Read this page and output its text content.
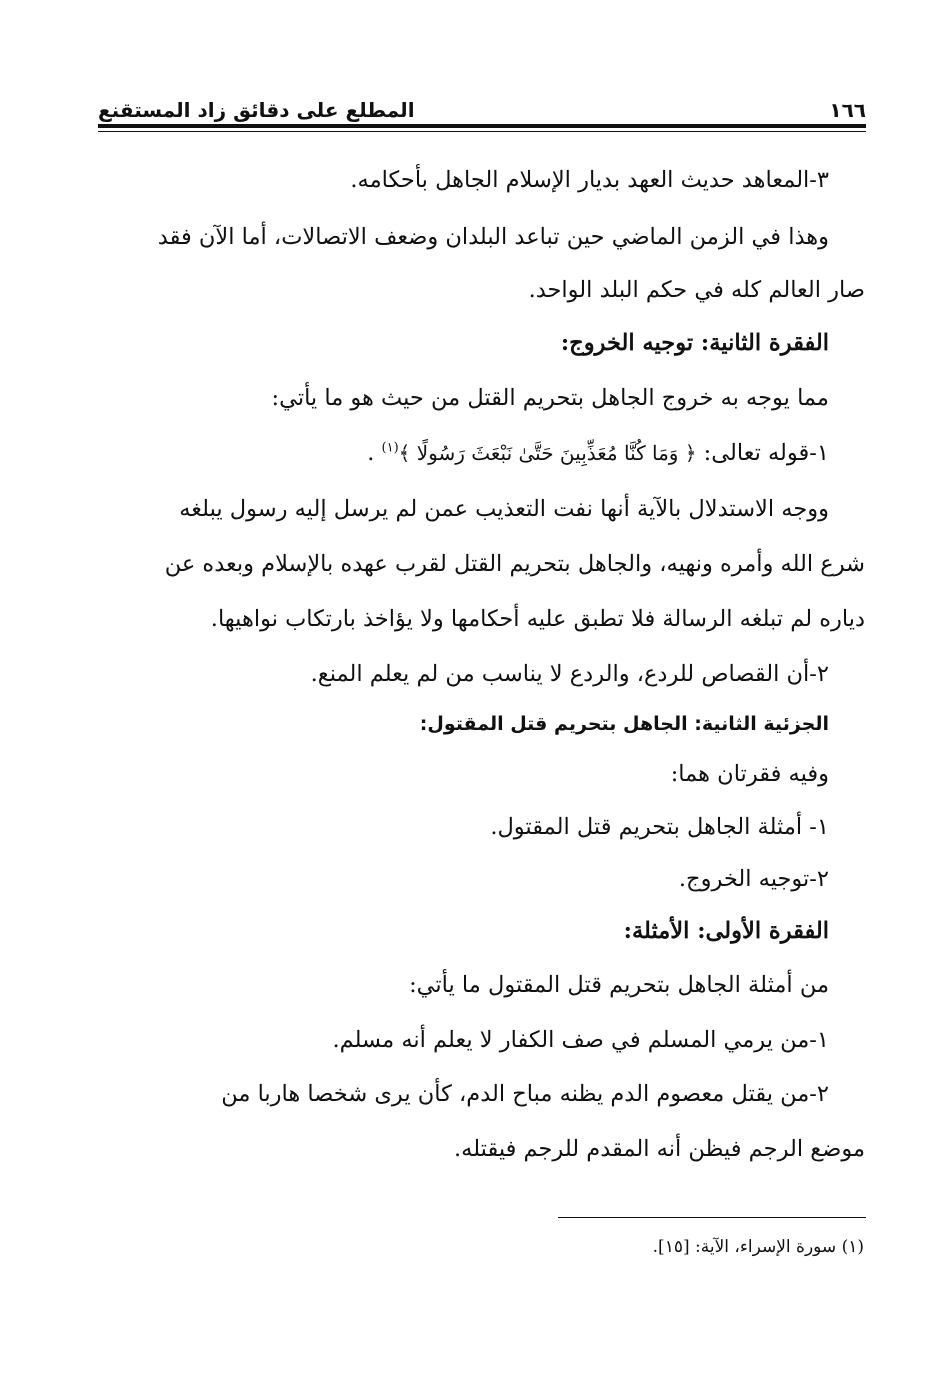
١٦٦
المطلع على دقائق زاد المستقنع
٣-المعاهد حديث العهد بديار الإسلام الجاهل بأحكامه.
وهذا في الزمن الماضي حين تباعد البلدان وضعف الاتصالات، أما الآن فقد
صار العالم كله في حكم البلد الواحد.
الفقرة الثانية: توجيه الخروج:
مما يوجه به خروج الجاهل بتحريم القتل من حيث هو ما يأتي:
١-قوله تعالى: ﴿ وَمَا كُنَّا مُعَذِّبِينَ حَتَّىٰ نَبْعَثَ رَسُولًا ﴾$^{(١)}$ .
ووجه الاستدلال بالآية أنها نفت التعذيب عمن لم يرسل إليه رسول يبلغه
شرع الله وأمره ونهيه، والجاهل بتحريم القتل لقرب عهده بالإسلام وبعده عن
دياره لم تبلغه الرسالة فلا تطبق عليه أحكامها ولا يؤاخذ بارتكاب نواهيها.
٢-أن القصاص للردع، والردع لا يناسب من لم يعلم المنع.
الجزئية الثانية: الجاهل بتحريم قتل المقتول:
وفيه فقرتان هما:
١- أمثلة الجاهل بتحريم قتل المقتول.
٢-توجيه الخروج.
الفقرة الأولى: الأمثلة:
من أمثلة الجاهل بتحريم قتل المقتول ما يأتي:
١-من يرمي المسلم في صف الكفار لا يعلم أنه مسلم.
٢-من يقتل معصوم الدم يظنه مباح الدم، كأن يرى شخصا هاربا من
موضع الرجم فيظن أنه المقدم للرجم فيقتله.
(١) سورة الإسراء، الآية: [١٥].
